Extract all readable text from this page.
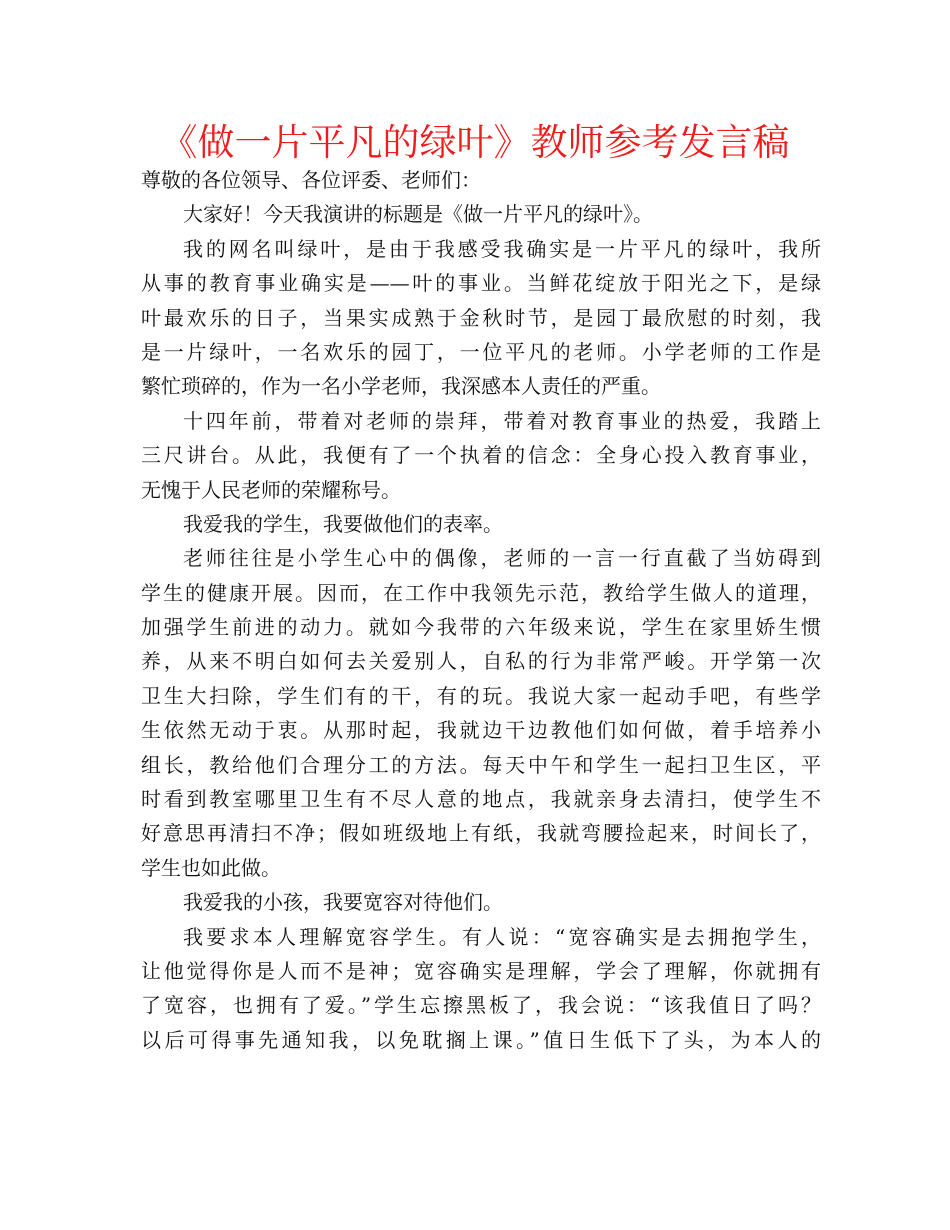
《做一片平凡的绿叶》教师参考发言稿
尊敬的各位领导、各位评委、老师们：
大家好！今天我演讲的标题是《做一片平凡的绿叶》。
我的网名叫绿叶，是由于我感受我确实是一片平凡的绿叶，我所
从事的教育事业确实是——叶的事业。当鲜花绽放于阳光之下，是绿
叶最欢乐的日子，当果实成熟于金秋时节，是园丁最欣慰的时刻，我
是一片绿叶，一名欢乐的园丁，一位平凡的老师。小学老师的工作是
繁忙琐碎的，作为一名小学老师，我深感本人责任的严重。
十四年前，带着对老师的崇拜，带着对教育事业的热爱，我踏上
三尺讲台。从此，我便有了一个执着的信念：全身心投入教育事业，
无愧于人民老师的荣耀称号。
我爱我的学生，我要做他们的表率。
老师往往是小学生心中的偶像，老师的一言一行直截了当妨碍到
学生的健康开展。因而，在工作中我领先示范，教给学生做人的道理，
加强学生前进的动力。就如今我带的六年级来说，学生在家里娇生惯
养，从来不明白如何去关爱别人，自私的行为非常严峻。开学第一次
卫生大扫除，学生们有的干，有的玩。我说大家一起动手吧，有些学
生依然无动于衷。从那时起，我就边干边教他们如何做，着手培养小
组长，教给他们合理分工的方法。每天中午和学生一起扫卫生区，平
时看到教室哪里卫生有不尽人意的地点，我就亲身去清扫，使学生不
好意思再清扫不净；假如班级地上有纸，我就弯腰捡起来，时间长了，
学生也如此做。
我爱我的小孩，我要宽容对待他们。
我要求本人理解宽容学生。有人说：“宽容确实是去拥抱学生，
让他觉得你是人而不是神；宽容确实是理解，学会了理解，你就拥有
了宽容，也拥有了爱。”学生忘擦黑板了，我会说：“该我值日了吗？
以后可得事先通知我，以免耽搁上课。”值日生低下了头，为本人的
